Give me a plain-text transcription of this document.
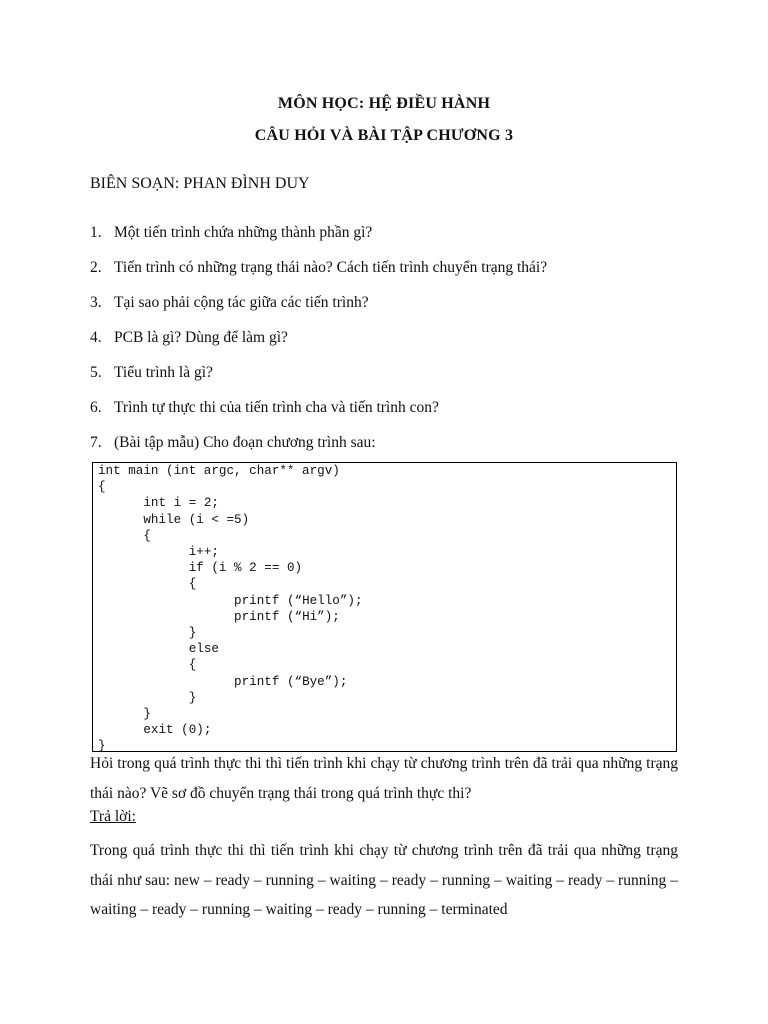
MÔN HỌC: HỆ ĐIỀU HÀNH
CÂU HỎI VÀ BÀI TẬP CHƯƠNG 3
BIÊN SOẠN: PHAN ĐÌNH DUY
1. Một tiến trình chứa những thành phần gì?
2. Tiến trình có những trạng thái nào? Cách tiến trình chuyển trạng thái?
3. Tại sao phải cộng tác giữa các tiến trình?
4. PCB là gì? Dùng để làm gì?
5. Tiểu trình là gì?
6. Trình tự thực thi của tiến trình cha và tiến trình con?
7. (Bài tập mẫu) Cho đoạn chương trình sau:
int main (int argc, char** argv)
{
	int i = 2;
	while (i < =5)
	{
		i++;
		if (i % 2 == 0)
		{
			printf (“Hello”);
			printf (“Hi”);
		}
		else
		{
			printf (“Bye”);
		}
	}
	exit (0);
}
Hỏi trong quá trình thực thi thì tiến trình khi chạy từ chương trình trên đã trải qua những trạng thái nào? Vẽ sơ đồ chuyển trạng thái trong quá trình thực thi?
Trả lời:
Trong quá trình thực thi thì tiến trình khi chạy từ chương trình trên đã trải qua những trạng thái như sau: new – ready – running – waiting – ready – running – waiting – ready – running – waiting – ready – running – waiting – ready – running – terminated
